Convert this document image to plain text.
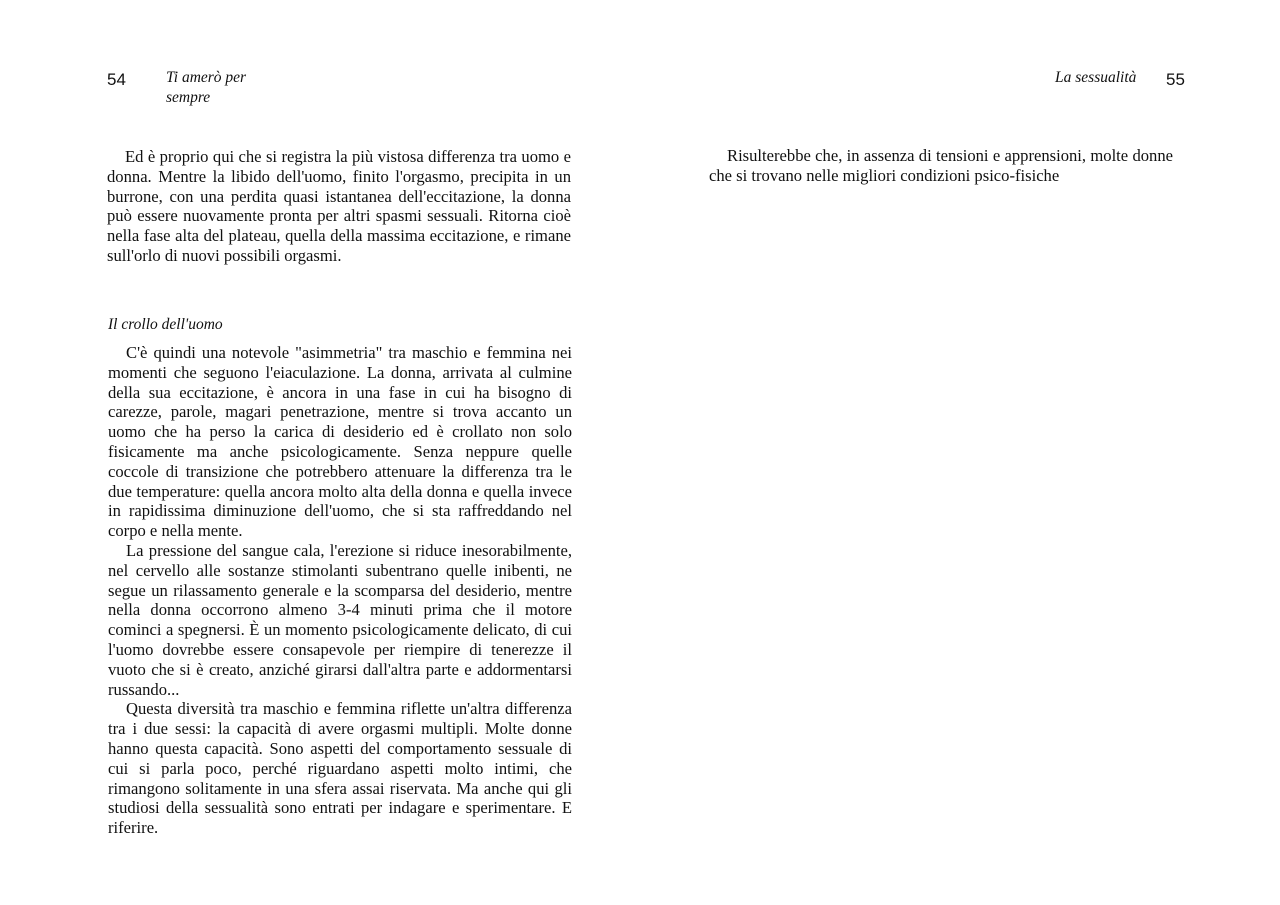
54	Ti amerò per sempre

Ed è proprio qui che si registra la più vistosa differenza tra uomo e donna. Mentre la libido dell'uomo, finito l'orgasmo, precipita in un burrone, con una perdita quasi istantanea dell'eccitazione, la donna può essere nuovamente pronta per altri spasmi sessuali. Ritorna cioè nella fase alta del plateau, quella della massima eccitazione, e rimane sull'orlo di nuovi possibili orgasmi.

Il crollo dell'uomo

C'è quindi una notevole "asimmetria" tra maschio e femmina nei momenti che seguono l'eiaculazione. La donna, arrivata al culmine della sua eccitazione, è ancora in una fase in cui ha bisogno di carezze, parole, magari penetrazione, mentre si trova accanto un uomo che ha perso la carica di desiderio ed è crollato non solo fisicamente ma anche psicologicamente. Senza neppure quelle coccole di transizione che potrebbero attenuare la differenza tra le due temperature: quella ancora molto alta della donna e quella invece in rapidissima diminuzione dell'uomo, che si sta raffreddando nel corpo e nella mente.

La pressione del sangue cala, l'erezione si riduce inesorabilmente, nel cervello alle sostanze stimolanti subentrano quelle inibenti, ne segue un rilassamento generale e la scomparsa del desiderio, mentre nella donna occorrono almeno 3-4 minuti prima che il motore cominci a spegnersi. È un momento psicologicamente delicato, di cui l'uomo dovrebbe essere consapevole per riempire di tenerezze il vuoto che si è creato, anziché girarsi dall'altra parte e addormentarsi russando...

Questa diversità tra maschio e femmina riflette un'altra differenza tra i due sessi: la capacità di avere orgasmi multipli. Molte donne hanno questa capacità. Sono aspetti del comportamento sessuale di cui si parla poco, perché riguardano aspetti molto intimi, che rimangono solitamente in una sfera assai riservata. Ma anche qui gli studiosi della sessualità sono entrati per indagare e sperimentare. E riferire.

La sessualità	55

Risulterebbe che, in assenza di tensioni e apprensioni, molte donne che si trovano nelle migliori condizioni psico-fisiche
